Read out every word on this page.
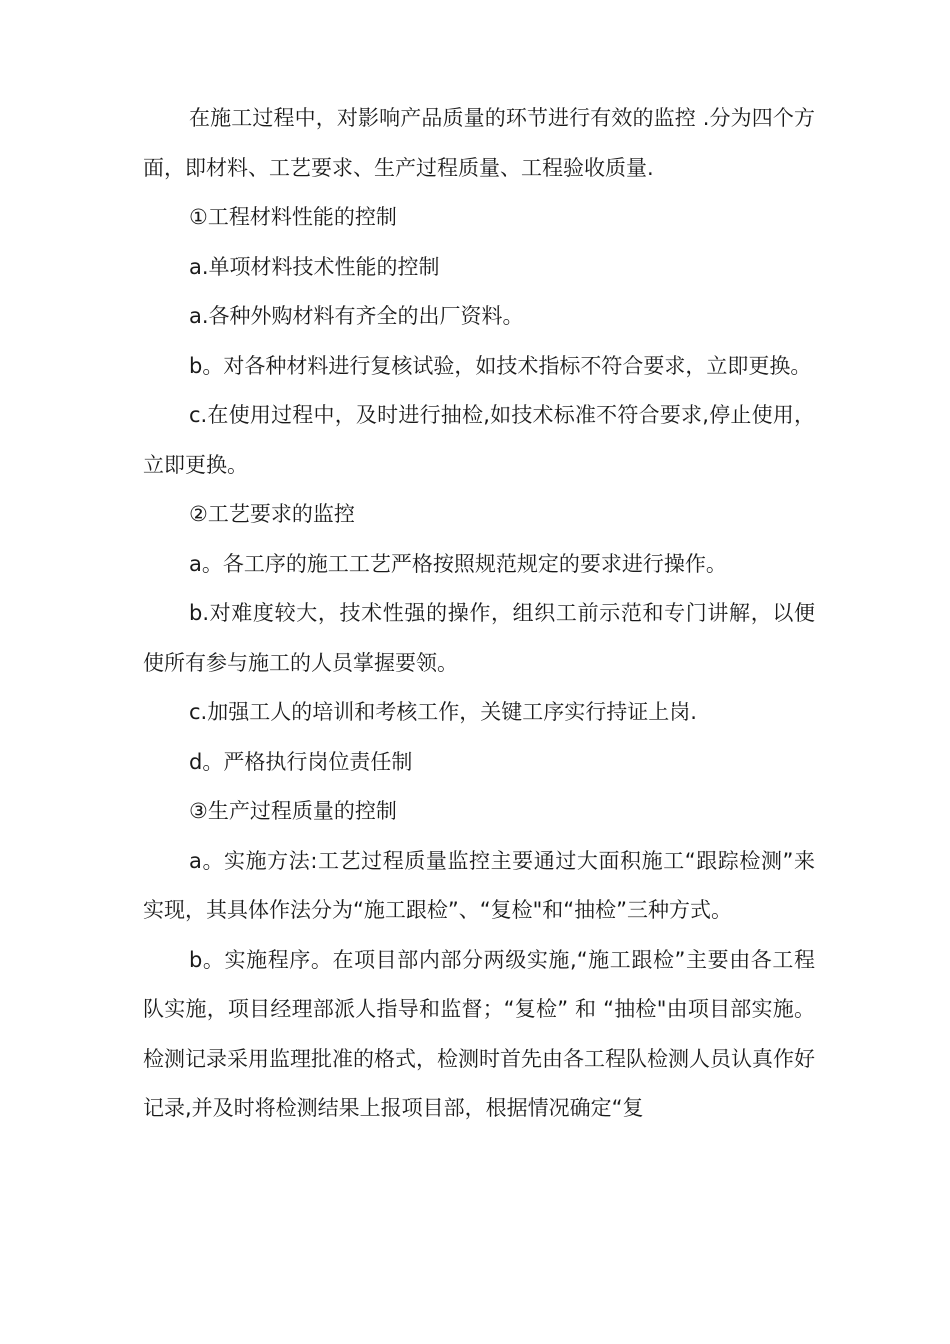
在施工过程中，对影响产品质量的环节进行有效的监控 .分为四个方面，即材料、工艺要求、生产过程质量、工程验收质量.

①工程材料性能的控制

a.单项材料技术性能的控制

a.各种外购材料有齐全的出厂资料。

b。对各种材料进行复核试验，如技术指标不符合要求，立即更换。

c.在使用过程中，及时进行抽检,如技术标准不符合要求,停止使用，立即更换。

②工艺要求的监控

a。各工序的施工工艺严格按照规范规定的要求进行操作。

b.对难度较大，技术性强的操作，组织工前示范和专门讲解，以便使所有参与施工的人员掌握要领。

c.加强工人的培训和考核工作，关键工序实行持证上岗.

d。严格执行岗位责任制

③生产过程质量的控制

a。实施方法:工艺过程质量监控主要通过大面积施工“跟踪检测”来实现，其具体作法分为“施工跟检”、“复检"和“抽检”三种方式。

b。实施程序。在项目部内部分两级实施,“施工跟检”主要由各工程队实施，项目经理部派人指导和监督；“复检” 和 “抽检"由项目部实施。检测记录采用监理批准的格式，检测时首先由各工程队检测人员认真作好记录,并及时将检测结果上报项目部，根据情况确定“复
